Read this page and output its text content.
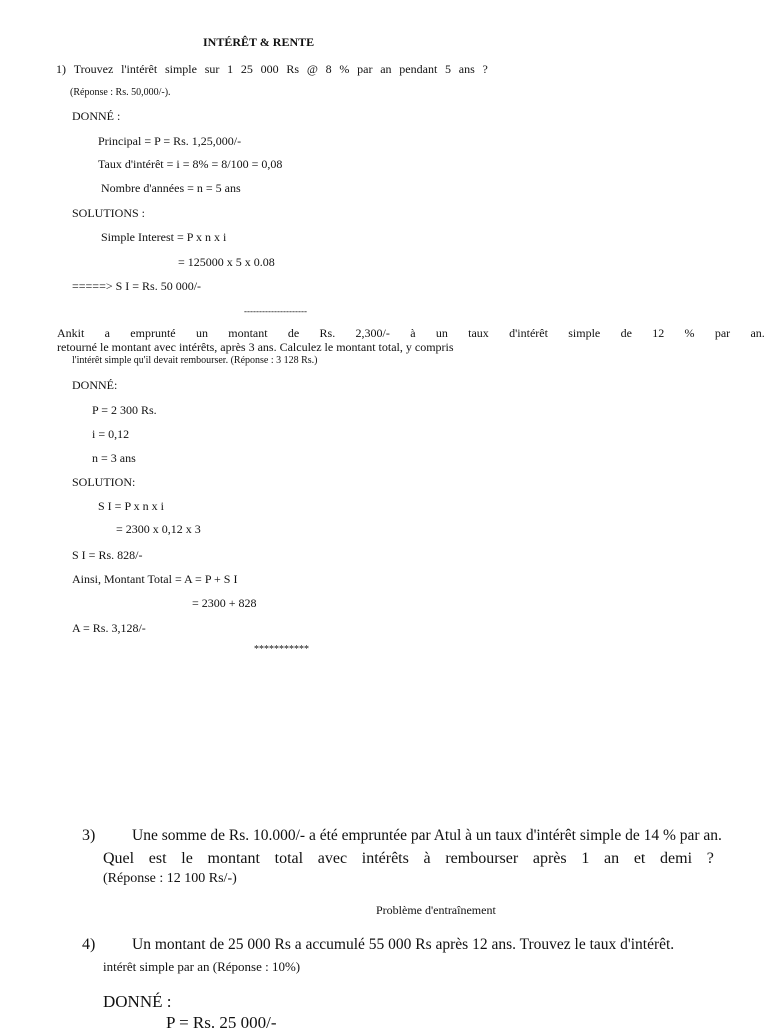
INTÉRÊT & RENTE
1) Trouvez l'intérêt simple sur 1 25 000 Rs @ 8 % par an pendant 5 ans ?
(Réponse : Rs. 50,000/-).
DONNÉ :
Principal = P = Rs. 1,25,000/-
Taux d'intérêt = i = 8% = 8/100 = 0,08
Nombre d'années = n = 5 ans
SOLUTIONS :
Simple Interest = P x n x i
= 125000 x 5 x 0.08
=====> S I = Rs. 50 000/-
---------------------
Ankit a emprunté un montant de Rs. 2,300/- à un taux d'intérêt simple de 12 % par an.
retourné le montant avec intérêts, après 3 ans. Calculez le montant total, y compris
l'intérêt simple qu'il devait rembourser. (Réponse : 3 128 Rs.)
DONNÉ:
P = 2 300 Rs.
i = 0,12
n = 3 ans
SOLUTION:
S I = P x n x i
= 2300 x 0,12 x 3
S I = Rs. 828/-
Ainsi, Montant Total = A = P + S I
= 2300 + 828
A = Rs. 3,128/-
***********
3) Une somme de Rs. 10.000/- a été empruntée par Atul à un taux d'intérêt simple de 14 % par an.
Quel est le montant total avec intérêts à rembourser après 1 an et demi ?
(Réponse : 12 100 Rs/-)
Problème d'entraînement
4) Un montant de 25 000 Rs a accumulé 55 000 Rs après 12 ans. Trouvez le taux d'intérêt.
intérêt simple par an (Réponse : 10%)
DONNÉ :
P = Rs. 25 000/-
